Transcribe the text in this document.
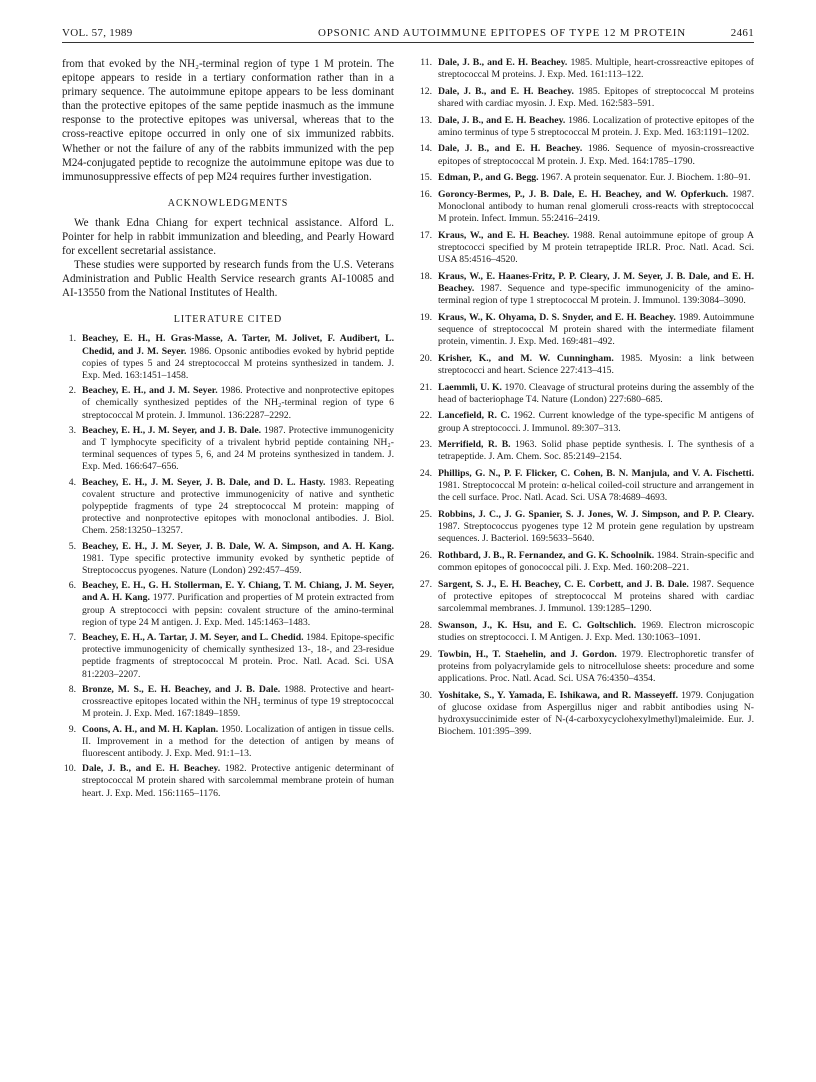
VOL. 57, 1989	OPSONIC AND AUTOIMMUNE EPITOPES OF TYPE 12 M PROTEIN	2461

from that evoked by the NH₂-terminal region of type 1 M protein. The epitope appears to reside in a tertiary conformation rather than in a primary sequence. The autoimmune epitope appears to be less dominant than the protective epitopes of the same peptide inasmuch as the immune response to the protective epitopes was universal, whereas that to the cross-reactive epitope occurred in only one of six immunized rabbits. Whether or not the failure of any of the rabbits immunized with the pep M24-conjugated peptide to recognize the autoimmune epitope was due to immunosuppressive effects of pep M24 requires further investigation.

ACKNOWLEDGMENTS

We thank Edna Chiang for expert technical assistance. Alford L. Pointer for help in rabbit immunization and bleeding, and Pearly Howard for excellent secretarial assistance.

These studies were supported by research funds from the U.S. Veterans Administration and Public Health Service research grants AI-10085 and AI-13550 from the National Institutes of Health.

LITERATURE CITED
1. Beachey, E. H., H. Gras-Masse, A. Tarter, M. Jolivet, F. Audibert, L. Chedid, and J. M. Seyer. 1986. Opsonic antibodies evoked by hybrid peptide copies of types 5 and 24 streptococcal M proteins synthesized in tandem. J. Exp. Med. 163:1451–1458.
2. Beachey, E. H., and J. M. Seyer. 1986. Protective and nonprotective epitopes of chemically synthesized peptides of the NH₂-terminal region of type 6 streptococcal M protein. J. Immunol. 136:2287–2292.
3. Beachey, E. H., J. M. Seyer, and J. B. Dale. 1987. Protective immunogenicity and T lymphocyte specificity of a trivalent hybrid peptide containing NH₂-terminal sequences of types 5, 6, and 24 M proteins synthesized in tandem. J. Exp. Med. 166:647–656.
4. Beachey, E. H., J. M. Seyer, J. B. Dale, and D. L. Hasty. 1983. Repeating covalent structure and protective immunogenicity of native and synthetic polypeptide fragments of type 24 streptococcal M protein: mapping of protective and nonprotective epitopes with monoclonal antibodies. J. Biol. Chem. 258:13250–13257.
5. Beachey, E. H., J. M. Seyer, J. B. Dale, W. A. Simpson, and A. H. Kang. 1981. Type specific protective immunity evoked by synthetic peptide of Streptococcus pyogenes. Nature (London) 292:457–459.
6. Beachey, E. H., G. H. Stollerman, E. Y. Chiang, T. M. Chiang, J. M. Seyer, and A. H. Kang. 1977. Purification and properties of M protein extracted from group A streptococci with pepsin: covalent structure of the amino-terminal region of type 24 M antigen. J. Exp. Med. 145:1463–1483.
7. Beachey, E. H., A. Tartar, J. M. Seyer, and L. Chedid. 1984. Epitope-specific protective immunogenicity of chemically synthesized 13-, 18-, and 23-residue peptide fragments of streptococcal M protein. Proc. Natl. Acad. Sci. USA 81:2203–2207.
8. Bronze, M. S., E. H. Beachey, and J. B. Dale. 1988. Protective and heart-crossreactive epitopes located within the NH₂ terminus of type 19 streptococcal M protein. J. Exp. Med. 167:1849–1859.
9. Coons, A. H., and M. H. Kaplan. 1950. Localization of antigen in tissue cells. II. Improvement in a method for the detection of antigen by means of fluorescent antibody. J. Exp. Med. 91:1–13.
10. Dale, J. B., and E. H. Beachey. 1982. Protective antigenic determinant of streptococcal M protein shared with sarcolemmal membrane protein of human heart. J. Exp. Med. 156:1165–1176.
11. Dale, J. B., and E. H. Beachey. 1985. Multiple, heart-crossreactive epitopes of streptococcal M proteins. J. Exp. Med. 161:113–122.
12. Dale, J. B., and E. H. Beachey. 1985. Epitopes of streptococcal M proteins shared with cardiac myosin. J. Exp. Med. 162:583–591.
13. Dale, J. B., and E. H. Beachey. 1986. Localization of protective epitopes of the amino terminus of type 5 streptococcal M protein. J. Exp. Med. 163:1191–1202.
14. Dale, J. B., and E. H. Beachey. 1986. Sequence of myosin-crossreactive epitopes of streptococcal M protein. J. Exp. Med. 164:1785–1790.
15. Edman, P., and G. Begg. 1967. A protein sequenator. Eur. J. Biochem. 1:80–91.
16. Goroncy-Bermes, P., J. B. Dale, E. H. Beachey, and W. Opferkuch. 1987. Monoclonal antibody to human renal glomeruli cross-reacts with streptococcal M protein. Infect. Immun. 55:2416–2419.
17. Kraus, W., and E. H. Beachey. 1988. Renal autoimmune epitope of group A streptococci specified by M protein tetrapeptide IRLR. Proc. Natl. Acad. Sci. USA 85:4516–4520.
18. Kraus, W., E. Haanes-Fritz, P. P. Cleary, J. M. Seyer, J. B. Dale, and E. H. Beachey. 1987. Sequence and type-specific immunogenicity of the amino-terminal region of type 1 streptococcal M protein. J. Immunol. 139:3084–3090.
19. Kraus, W., K. Ohyama, D. S. Snyder, and E. H. Beachey. 1989. Autoimmune sequence of streptococcal M protein shared with the intermediate filament protein, vimentin. J. Exp. Med. 169:481–492.
20. Krisher, K., and M. W. Cunningham. 1985. Myosin: a link between streptococci and heart. Science 227:413–415.
21. Laemmli, U. K. 1970. Cleavage of structural proteins during the assembly of the head of bacteriophage T4. Nature (London) 227:680–685.
22. Lancefield, R. C. 1962. Current knowledge of the type-specific M antigens of group A streptococci. J. Immunol. 89:307–313.
23. Merrifield, R. B. 1963. Solid phase peptide synthesis. I. The synthesis of a tetrapeptide. J. Am. Chem. Soc. 85:2149–2154.
24. Phillips, G. N., P. F. Flicker, C. Cohen, B. N. Manjula, and V. A. Fischetti. 1981. Streptococcal M protein: α-helical coiled-coil structure and arrangement in the cell surface. Proc. Natl. Acad. Sci. USA 78:4689–4693.
25. Robbins, J. C., J. G. Spanier, S. J. Jones, W. J. Simpson, and P. P. Cleary. 1987. Streptococcus pyogenes type 12 M protein gene regulation by upstream sequences. J. Bacteriol. 169:5633–5640.
26. Rothbard, J. B., R. Fernandez, and G. K. Schoolnik. 1984. Strain-specific and common epitopes of gonococcal pili. J. Exp. Med. 160:208–221.
27. Sargent, S. J., E. H. Beachey, C. E. Corbett, and J. B. Dale. 1987. Sequence of protective epitopes of streptococcal M proteins shared with cardiac sarcolemmal membranes. J. Immunol. 139:1285–1290.
28. Swanson, J., K. Hsu, and E. C. Goltschlich. 1969. Electron microscopic studies on streptococci. I. M Antigen. J. Exp. Med. 130:1063–1091.
29. Towbin, H., T. Staehelin, and J. Gordon. 1979. Electrophoretic transfer of proteins from polyacrylamide gels to nitrocellulose sheets: procedure and some applications. Proc. Natl. Acad. Sci. USA 76:4350–4354.
30. Yoshitake, S., Y. Yamada, E. Ishikawa, and R. Masseyeff. 1979. Conjugation of glucose oxidase from Aspergillus niger and rabbit antibodies using N-hydroxysuccinimide ester of N-(4-carboxycyclohexylmethyl)maleimide. Eur. J. Biochem. 101:395–399.
